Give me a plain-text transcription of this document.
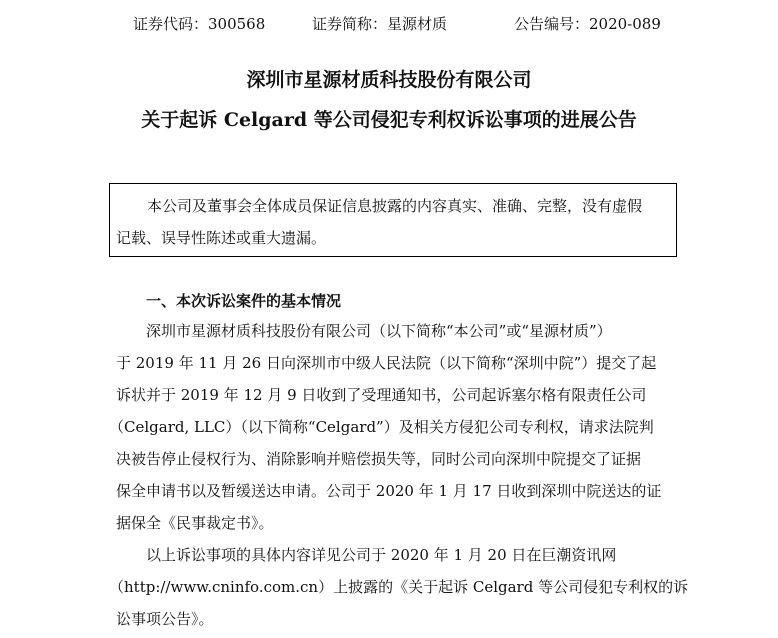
证券代码：300568	证券简称：星源材质	公告编号：2020-089
深圳市星源材质科技股份有限公司
关于起诉 Celgard 等公司侵犯专利权诉讼事项的进展公告
本公司及董事会全体成员保证信息披露的内容真实、准确、完整，没有虚假
记载、误导性陈述或重大遗漏。
一、本次诉讼案件的基本情况
深圳市星源材质科技股份有限公司（以下简称“本公司”或“星源材质”）
于 2019 年 11 月 26 日向深圳市中级人民法院（以下简称“深圳中院”）提交了起
诉状并于 2019 年 12 月 9 日收到了受理通知书，公司起诉塞尔格有限责任公司
（Celgard, LLC）（以下简称“Celgard”）及相关方侵犯公司专利权，请求法院判
决被告停止侵权行为、消除影响并赔偿损失等，同时公司向深圳中院提交了证据
保全申请书以及暂缓送达申请。公司于 2020 年 1 月 17 日收到深圳中院送达的证
据保全《民事裁定书》。
以上诉讼事项的具体内容详见公司于 2020 年 1 月 20 日在巨潮资讯网
（http://www.cninfo.com.cn）上披露的《关于起诉 Celgard 等公司侵犯专利权的诉
讼事项公告》。
